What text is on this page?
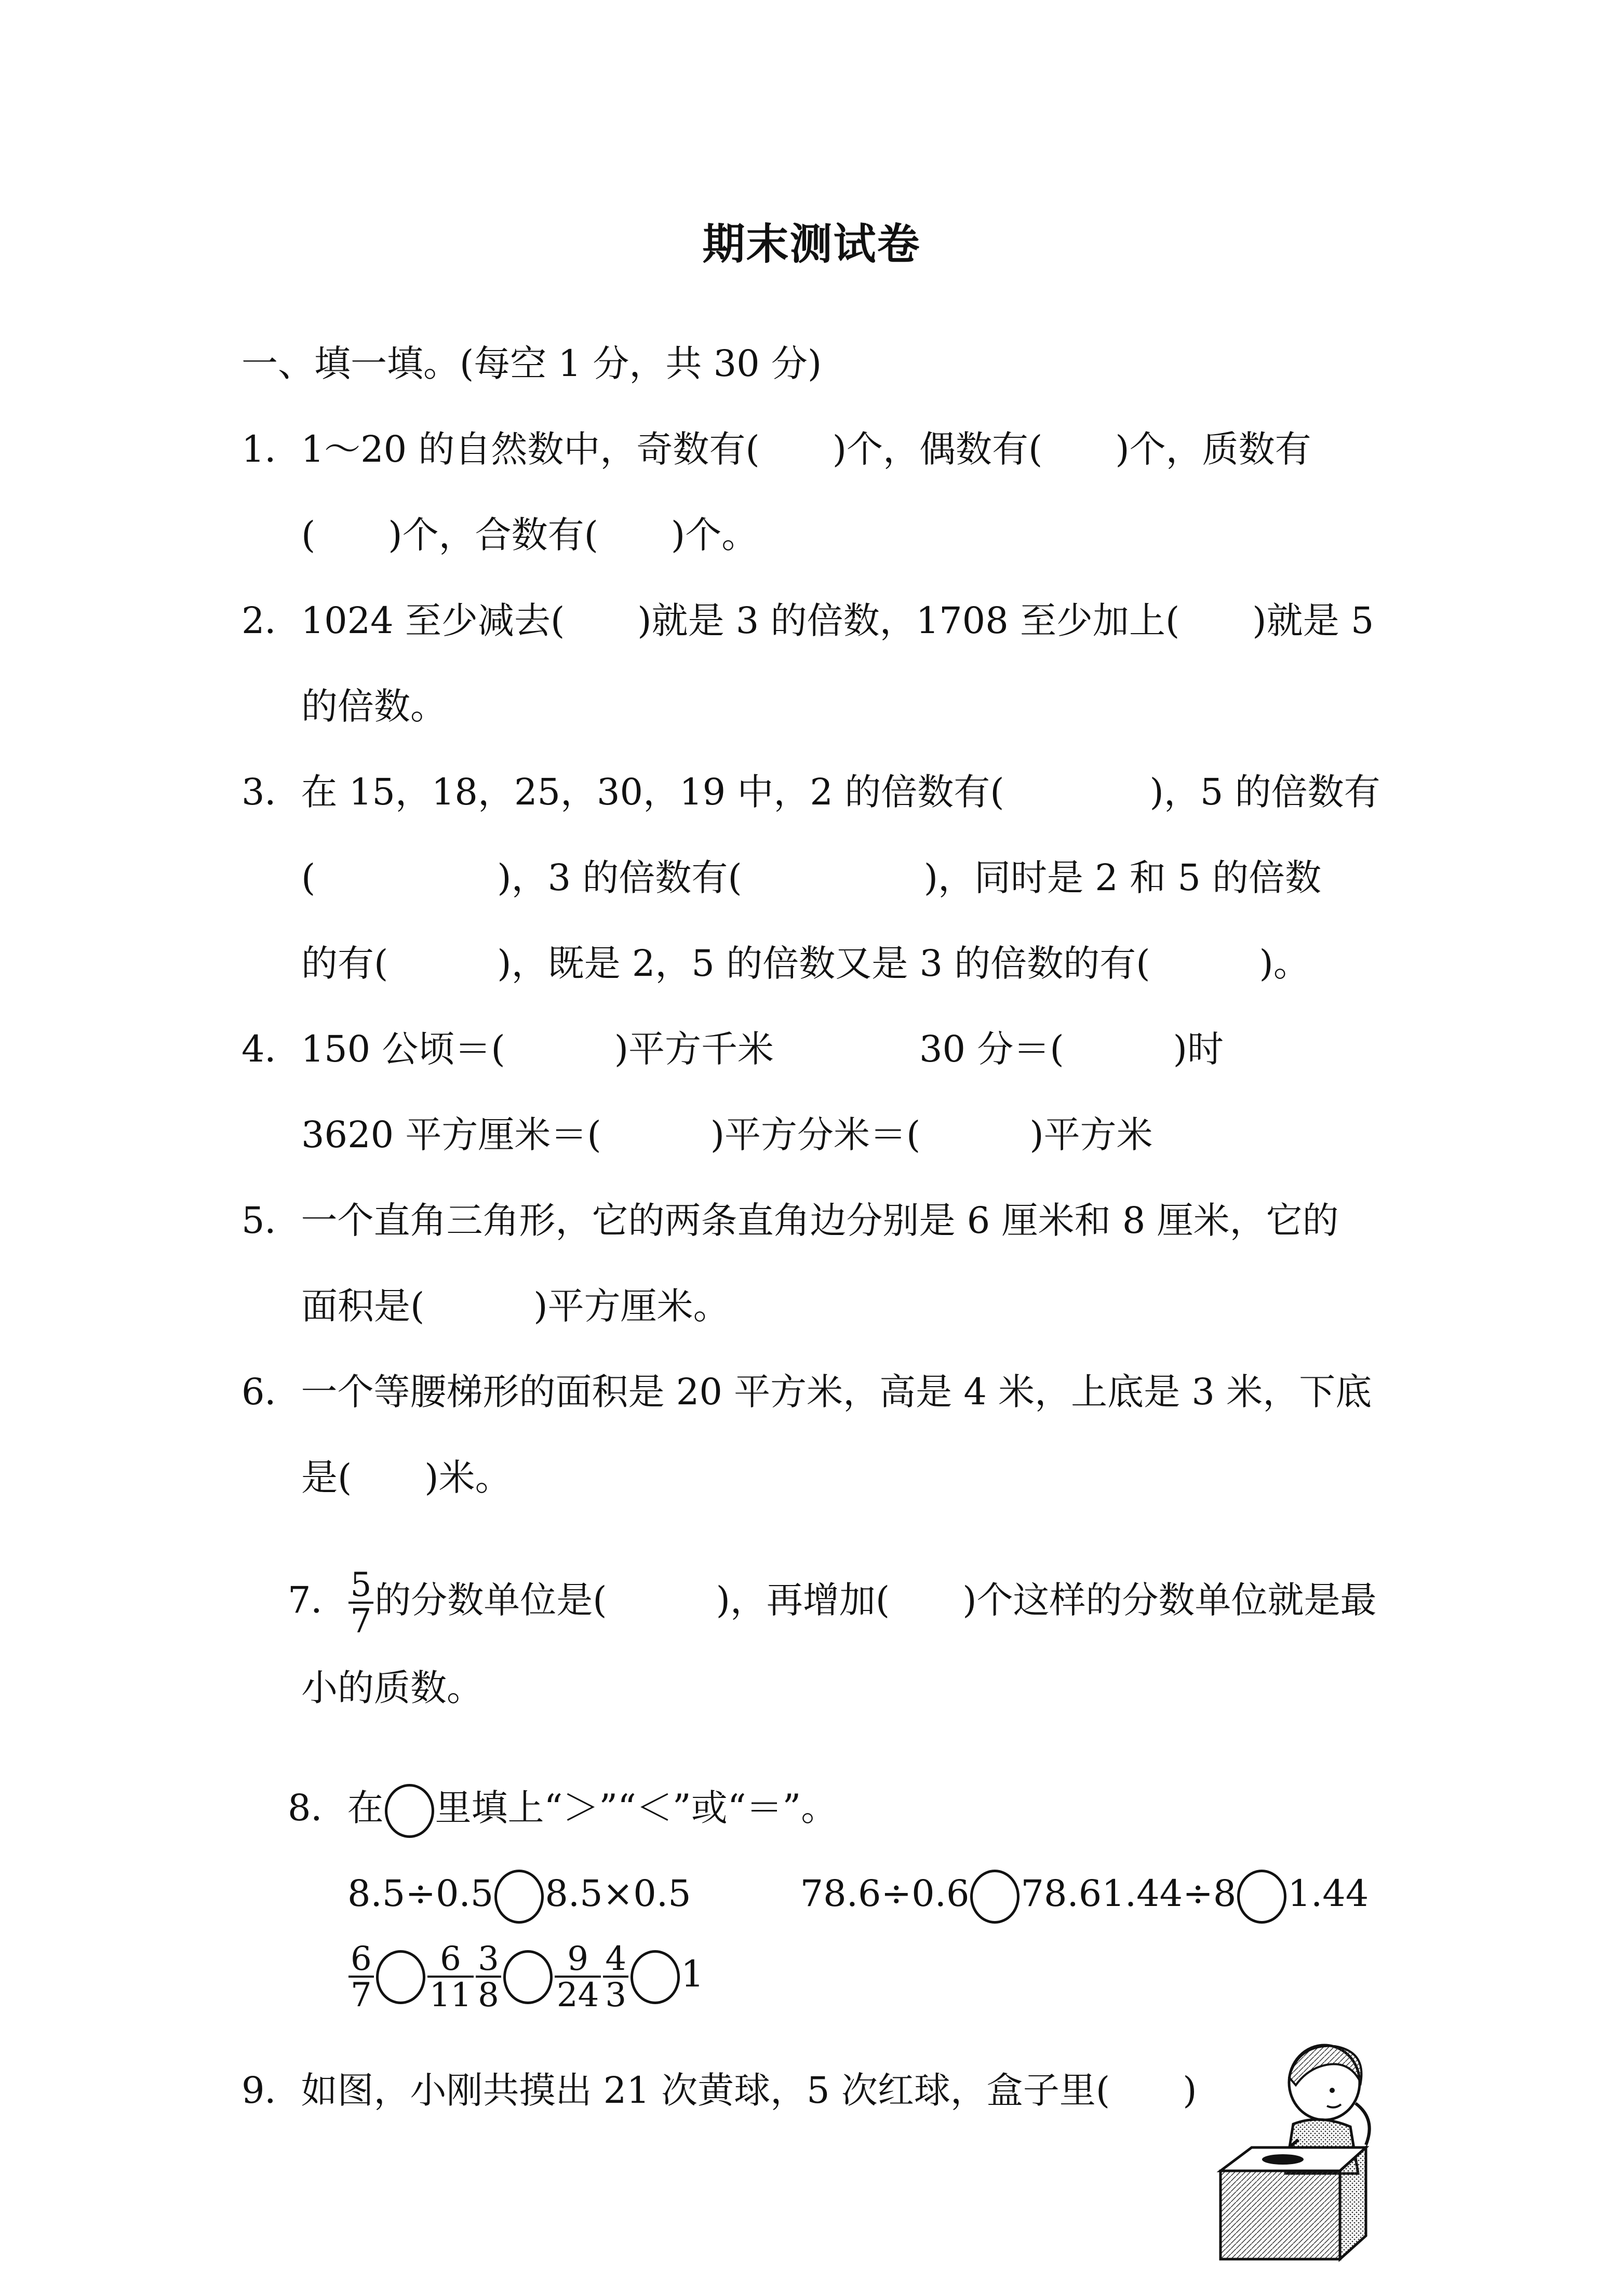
期末测试卷
一、填一填。(每空 1 分，共 30 分)
1．1～20 的自然数中，奇数有(　　)个，偶数有(　　)个，质数有
(　　)个，合数有(　　)个。
2．1024 至少减去(　　)就是 3 的倍数，1708 至少加上(　　)就是 5
的倍数。
3．在 15，18，25，30，19 中，2 的倍数有(　　　　)，5 的倍数有
(　　　　　)，3 的倍数有(　　　　　)，同时是 2 和 5 的倍数
的有(　　　)，既是 2，5 的倍数又是 3 的倍数的有(　　　)。
4．150 公顷＝(　　　)平方千米	30 分＝(　　　)时
3620 平方厘米＝(　　　)平方分米＝(　　　)平方米
5．一个直角三角形，它的两条直角边分别是 6 厘米和 8 厘米，它的
面积是(　　　)平方厘米。
6．一个等腰梯形的面积是 20 平方米，高是 4 米，上底是 3 米，下底
是(　　)米。

7． $\frac{5}{7}$ 的分数单位是(　　　)，再增加(　　)个这样的分数单位就是最

小的质数。

8．在 里填上“＞”“＜”或“＝”。

8.5÷0.5 8.5×0.5	78.6÷0.6 78.61.44÷8 1.44

$\frac{6}{7} \frac{6}{11} \frac{3}{8} \frac{9}{24} \frac{4}{3} 1$

9．如图，小刚共摸出 21 次黄球，5 次红球，盒子里(　　)
